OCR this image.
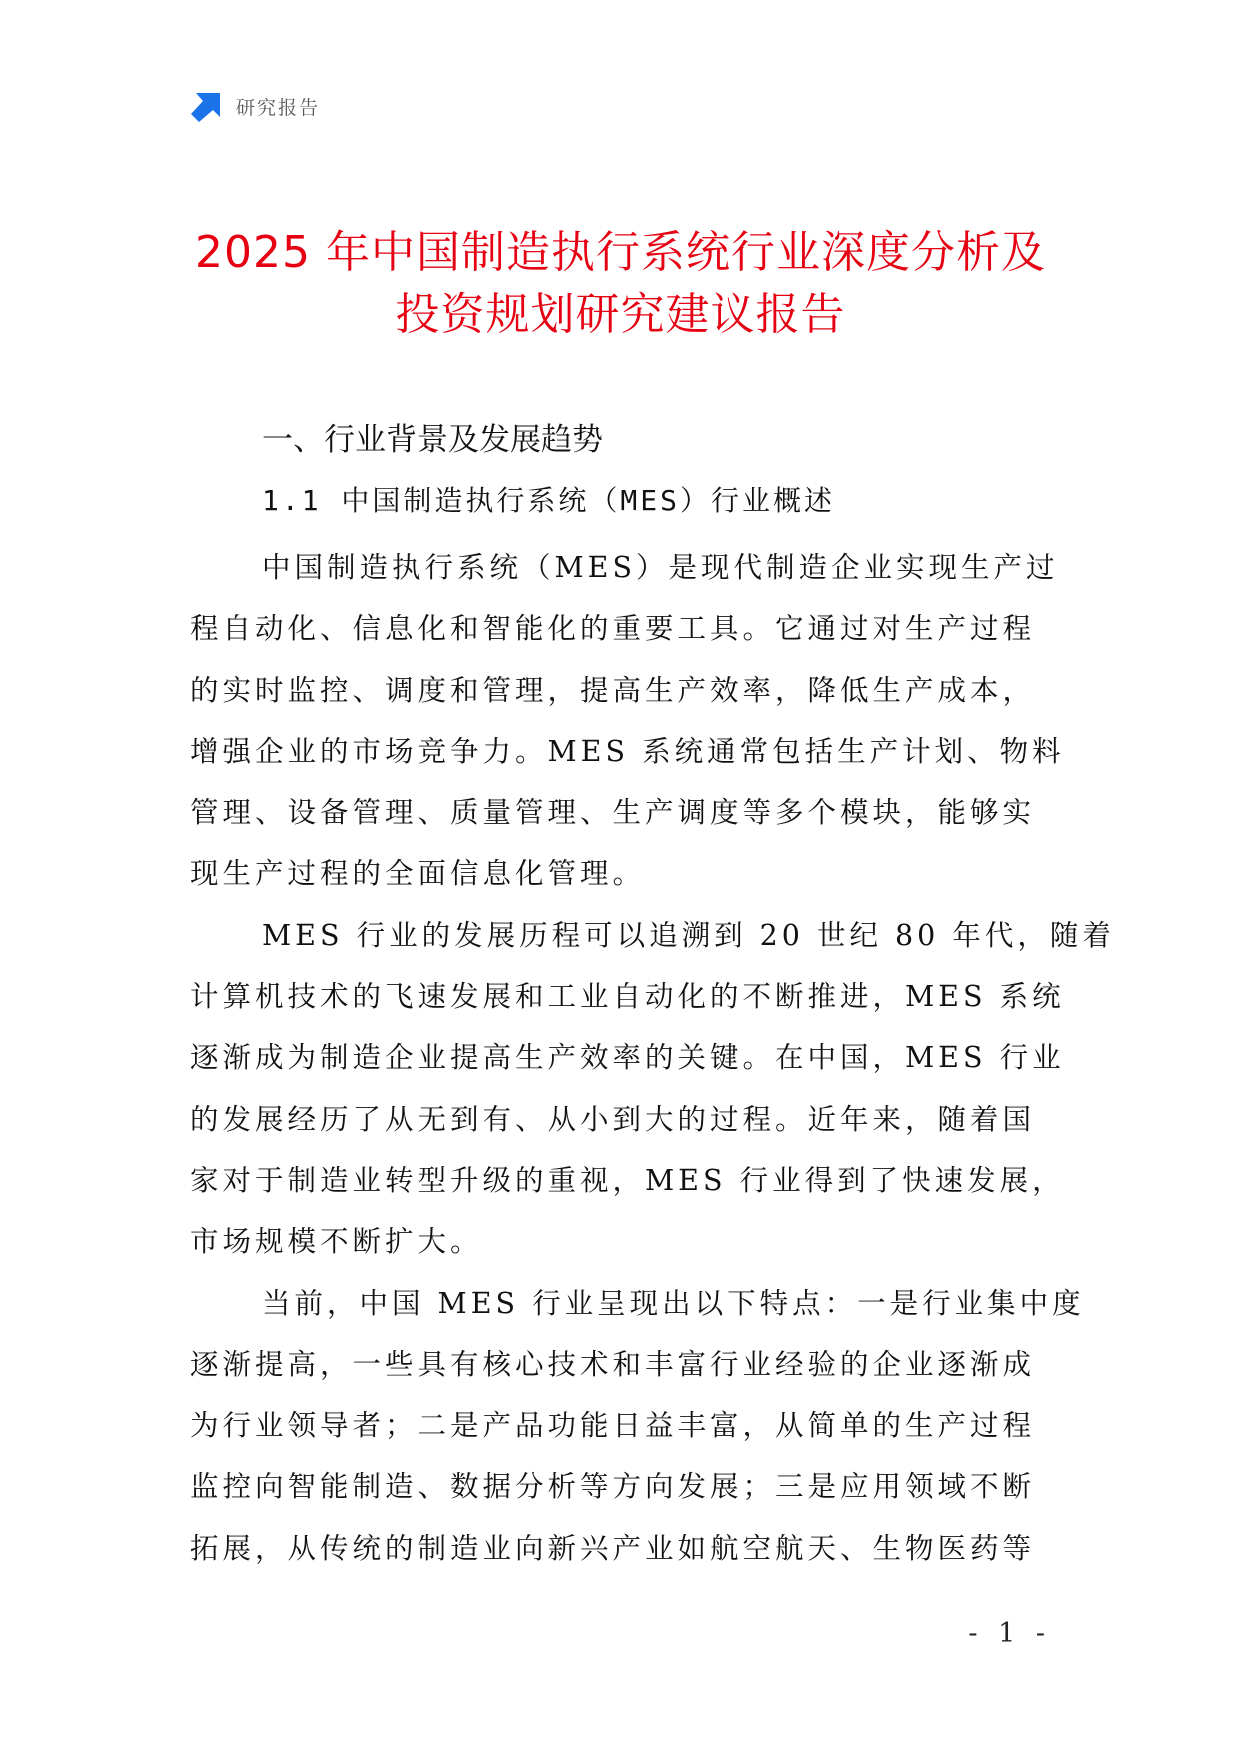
研究报告
2025 年中国制造执行系统行业深度分析及
投资规划研究建议报告
一、行业背景及发展趋势
1.1 中国制造执行系统（MES）行业概述
中国制造执行系统（MES）是现代制造企业实现生产过
程自动化、信息化和智能化的重要工具。它通过对生产过程
的实时监控、调度和管理，提高生产效率，降低生产成本，
增强企业的市场竞争力。MES 系统通常包括生产计划、物料
管理、设备管理、质量管理、生产调度等多个模块，能够实
现生产过程的全面信息化管理。
MES 行业的发展历程可以追溯到 20 世纪 80 年代，随着
计算机技术的飞速发展和工业自动化的不断推进，MES 系统
逐渐成为制造企业提高生产效率的关键。在中国，MES 行业
的发展经历了从无到有、从小到大的过程。近年来，随着国
家对于制造业转型升级的重视，MES 行业得到了快速发展，
市场规模不断扩大。
当前，中国 MES 行业呈现出以下特点：一是行业集中度
逐渐提高，一些具有核心技术和丰富行业经验的企业逐渐成
为行业领导者；二是产品功能日益丰富，从简单的生产过程
监控向智能制造、数据分析等方向发展；三是应用领域不断
拓展，从传统的制造业向新兴产业如航空航天、生物医药等
- 1 -
